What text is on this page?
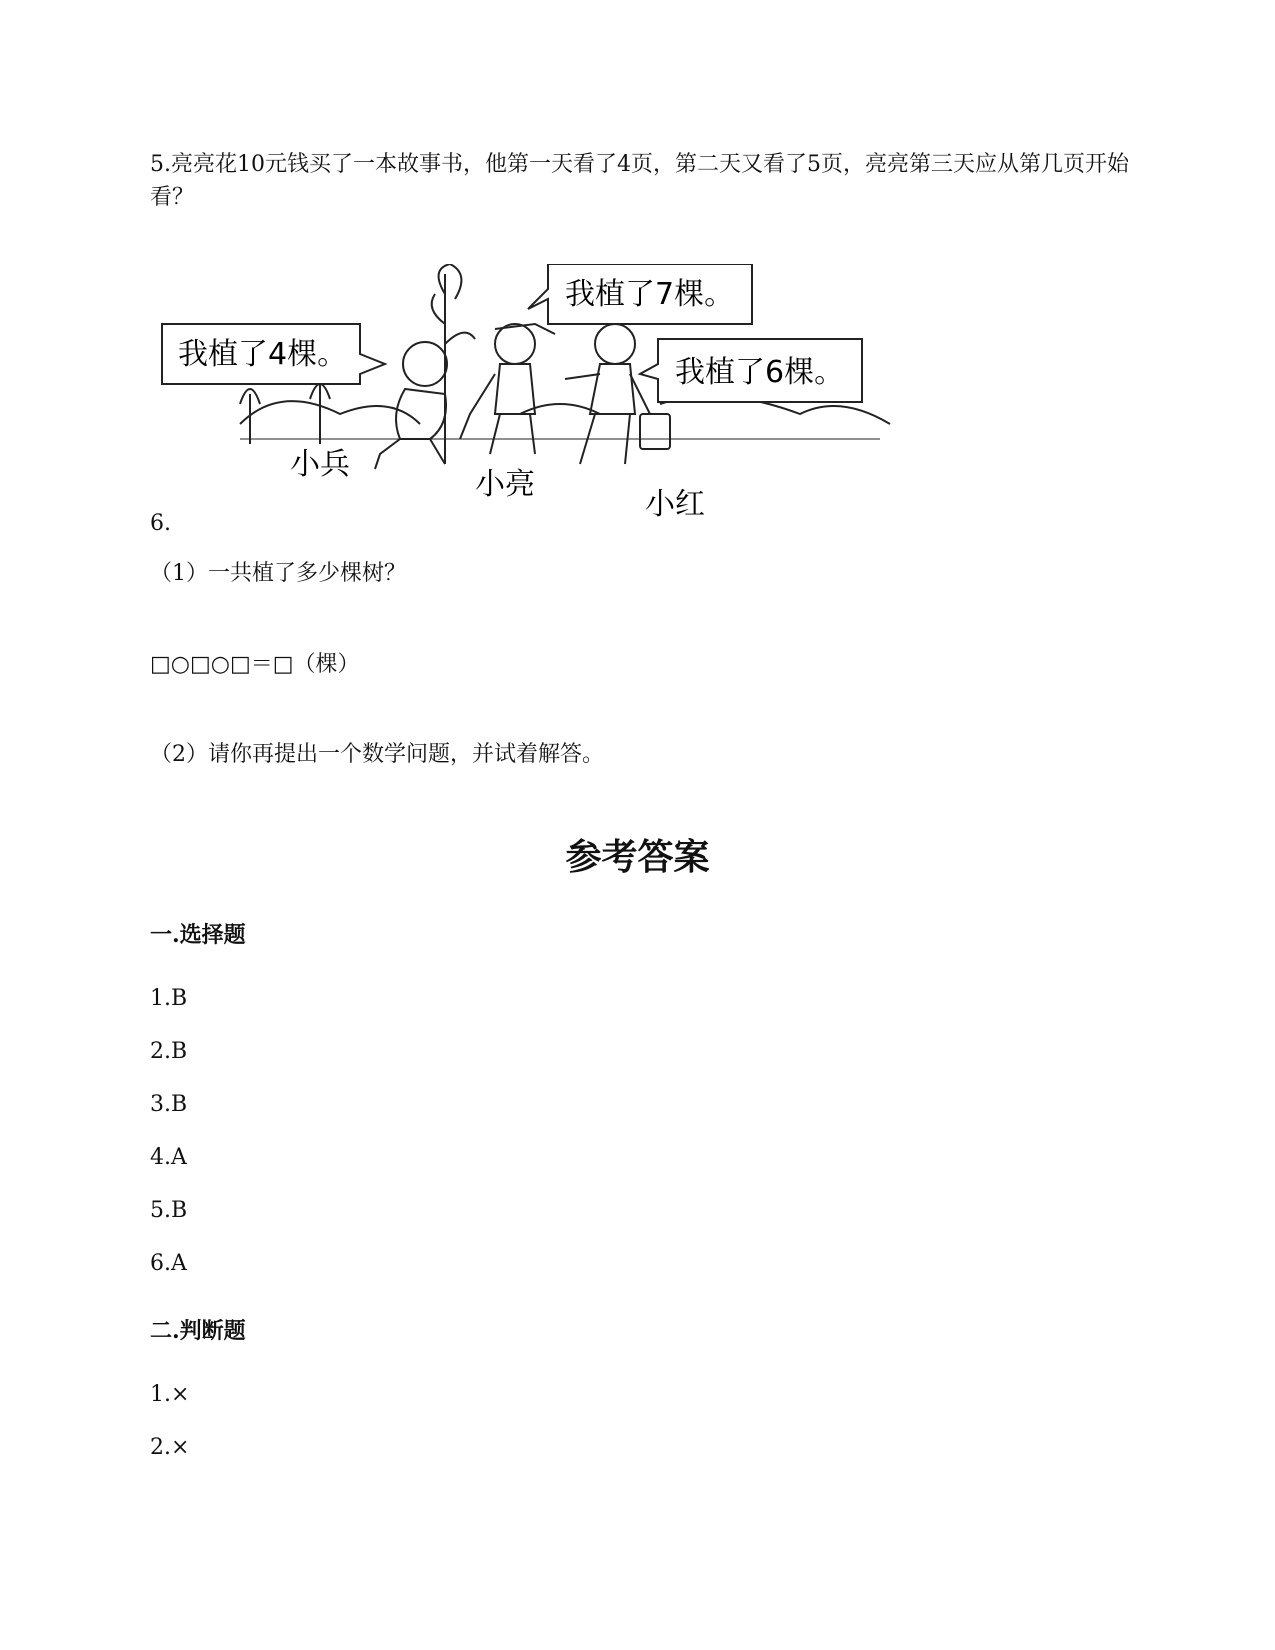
5.亮亮花10元钱买了一本故事书，他第一天看了4页，第二天又看了5页，亮亮第三天应从第几页开始看？
我植了4棵。
我植了7棵。
我植了6棵。
小兵
小亮
小红
6.
（1）一共植了多少棵树？
□○□○□＝□（棵）
（2）请你再提出一个数学问题，并试着解答。
参考答案
一.选择题
1.B
2.B
3.B
4.A
5.B
6.A
二.判断题
1.×
2.×
